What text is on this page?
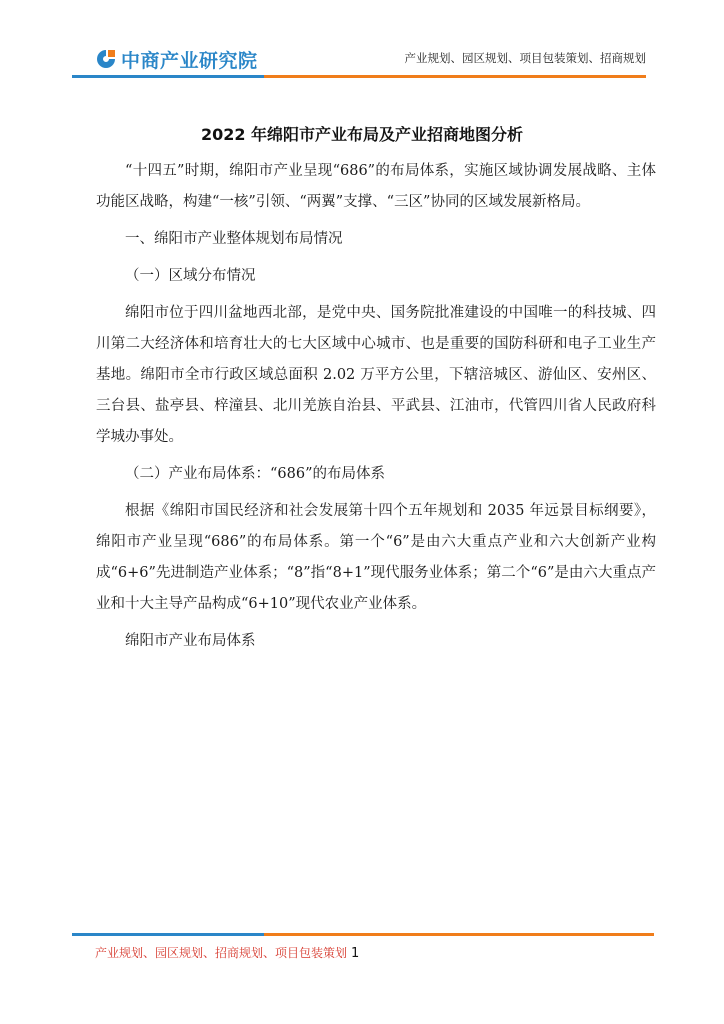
中商产业研究院	产业规划、园区规划、项目包装策划、招商规划
2022 年绵阳市产业布局及产业招商地图分析

“十四五”时期，绵阳市产业呈现“686”的布局体系，实施区域协调发展战略、主体功能区战略，构建“一核”引领、“两翼”支撑、“三区”协同的区域发展新格局。

一、绵阳市产业整体规划布局情况

（一）区域分布情况

绵阳市位于四川盆地西北部，是党中央、国务院批准建设的中国唯一的科技城、四川第二大经济体和培育壮大的七大区域中心城市、也是重要的国防科研和电子工业生产基地。绵阳市全市行政区域总面积 2.02 万平方公里，下辖涪城区、游仙区、安州区、三台县、盐亭县、梓潼县、北川羌族自治县、平武县、江油市，代管四川省人民政府科学城办事处。

（二）产业布局体系：“686”的布局体系

根据《绵阳市国民经济和社会发展第十四个五年规划和 2035 年远景目标纲要》，绵阳市产业呈现“686”的布局体系。第一个“6”是由六大重点产业和六大创新产业构成“6+6”先进制造产业体系；“8”指“8+1”现代服务业体系；第二个“6”是由六大重点产业和十大主导产品构成“6+10”现代农业产业体系。

绵阳市产业布局体系

产业规划、园区规划、招商规划、项目包装策划 1
